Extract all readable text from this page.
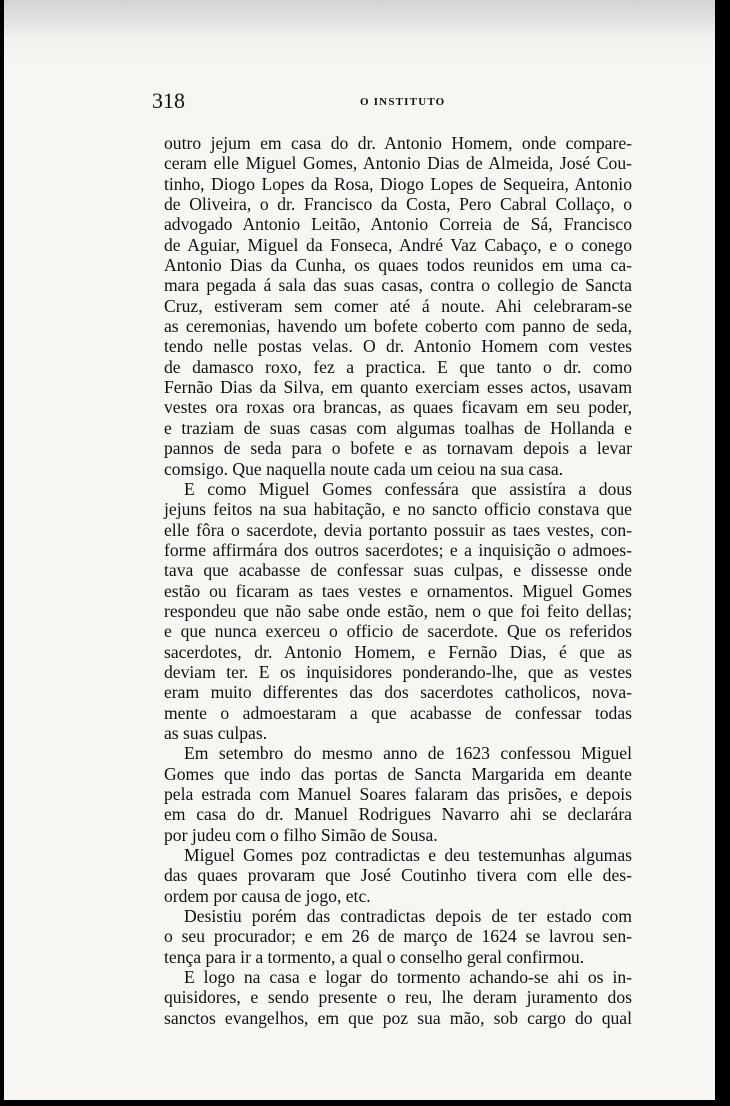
318	O INSTITUTO
outro jejum em casa do dr. Antonio Homem, onde compare-
ceram elle Miguel Gomes, Antonio Dias de Almeida, José Cou-
tinho, Diogo Lopes da Rosa, Diogo Lopes de Sequeira, Antonio
de Oliveira, o dr. Francisco da Costa, Pero Cabral Collaço, o
advogado Antonio Leitão, Antonio Correia de Sá, Francisco
de Aguiar, Miguel da Fonseca, André Vaz Cabaço, e o conego
Antonio Dias da Cunha, os quaes todos reunidos em uma ca-
mara pegada á sala das suas casas, contra o collegio de Sancta
Cruz, estiveram sem comer até á noute. Ahi celebraram-se
as ceremonias, havendo um bofete coberto com panno de seda,
tendo nelle postas velas. O dr. Antonio Homem com vestes
de damasco roxo, fez a practica. E que tanto o dr. como
Fernão Dias da Silva, em quanto exerciam esses actos, usavam
vestes ora roxas ora brancas, as quaes ficavam em seu poder,
e traziam de suas casas com algumas toalhas de Hollanda e
pannos de seda para o bofete e as tornavam depois a levar
comsigo. Que naquella noute cada um ceiou na sua casa.
E como Miguel Gomes confessára que assistíra a dous
jejuns feitos na sua habitação, e no sancto officio constava que
elle fôra o sacerdote, devia portanto possuir as taes vestes, con-
forme affirmára dos outros sacerdotes; e a inquisição o admoes-
tava que acabasse de confessar suas culpas, e dissesse onde
estão ou ficaram as taes vestes e ornamentos. Miguel Gomes
respondeu que não sabe onde estão, nem o que foi feito dellas;
e que nunca exerceu o officio de sacerdote. Que os referidos
sacerdotes, dr. Antonio Homem, e Fernão Dias, é que as
deviam ter. E os inquisidores ponderando-lhe, que as vestes
eram muito differentes das dos sacerdotes catholicos, nova-
mente o admoestaram a que acabasse de confessar todas
as suas culpas.
Em setembro do mesmo anno de 1623 confessou Miguel
Gomes que indo das portas de Sancta Margarida em deante
pela estrada com Manuel Soares falaram das prisões, e depois
em casa do dr. Manuel Rodrigues Navarro ahi se declarára
por judeu com o filho Simão de Sousa.
Miguel Gomes poz contradictas e deu testemunhas algumas
das quaes provaram que José Coutinho tivera com elle des-
ordem por causa de jogo, etc.
Desistiu porém das contradictas depois de ter estado com
o seu procurador; e em 26 de março de 1624 se lavrou sen-
tença para ir a tormento, a qual o conselho geral confirmou.
E logo na casa e logar do tormento achando-se ahi os in-
quisidores, e sendo presente o reu, lhe deram juramento dos
sanctos evangelhos, em que poz sua mão, sob cargo do qual
